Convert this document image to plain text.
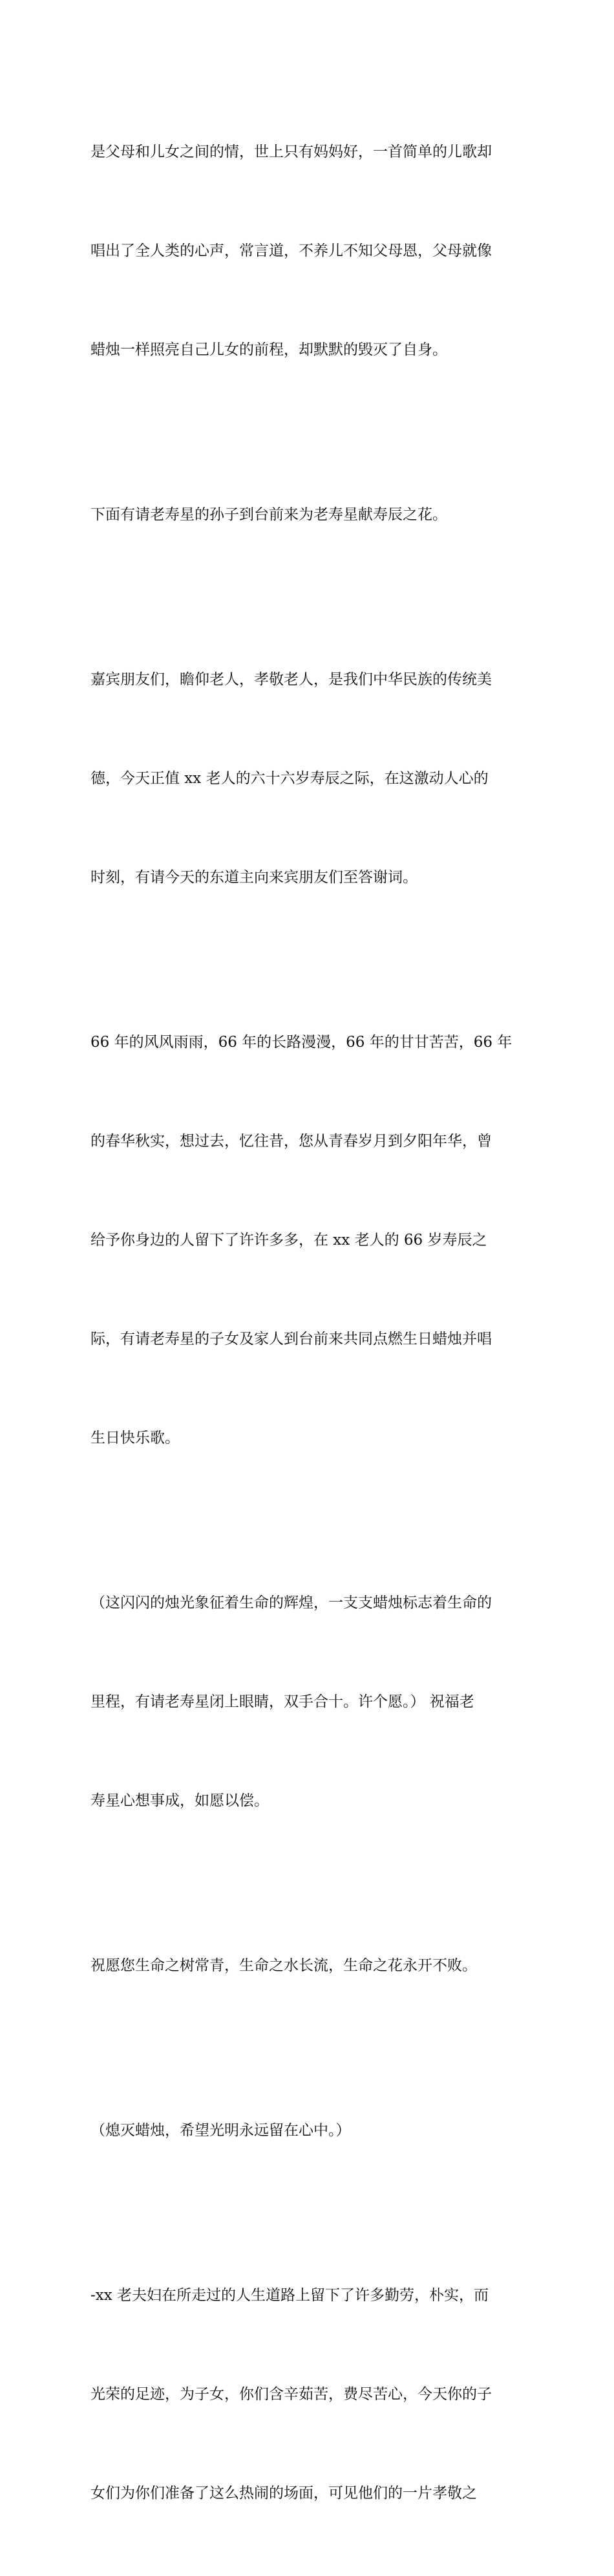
是父母和儿女之间的情，世上只有妈妈好，一首简单的儿歌却

唱出了全人类的心声，常言道，不养儿不知父母恩，父母就像

蜡烛一样照亮自己儿女的前程，却默默的毁灭了自身。

下面有请老寿星的孙子到台前来为老寿星献寿辰之花。

嘉宾朋友们，瞻仰老人，孝敬老人，是我们中华民族的传统美

德，今天正值 xx 老人的六十六岁寿辰之际，在这激动人心的

时刻，有请今天的东道主向来宾朋友们至答谢词。

66 年的风风雨雨，66 年的长路漫漫，66 年的甘甘苦苦，66 年

的春华秋实，想过去，忆往昔，您从青春岁月到夕阳年华，曾

给予你身边的人留下了许许多多，在 xx 老人的 66 岁寿辰之

际，有请老寿星的子女及家人到台前来共同点燃生日蜡烛并唱

生日快乐歌。

（这闪闪的烛光象征着生命的辉煌，一支支蜡烛标志着生命的

里程，有请老寿星闭上眼睛，双手合十。许个愿。） 祝福老

寿星心想事成，如愿以偿。

祝愿您生命之树常青，生命之水长流，生命之花永开不败。

（熄灭蜡烛，希望光明永远留在心中。）

-xx 老夫妇在所走过的人生道路上留下了许多勤劳，朴实，而

光荣的足迹，为子女，你们含辛茹苦，费尽苦心，今天你的子

女们为你们准备了这么热闹的场面，可见他们的一片孝敬之
